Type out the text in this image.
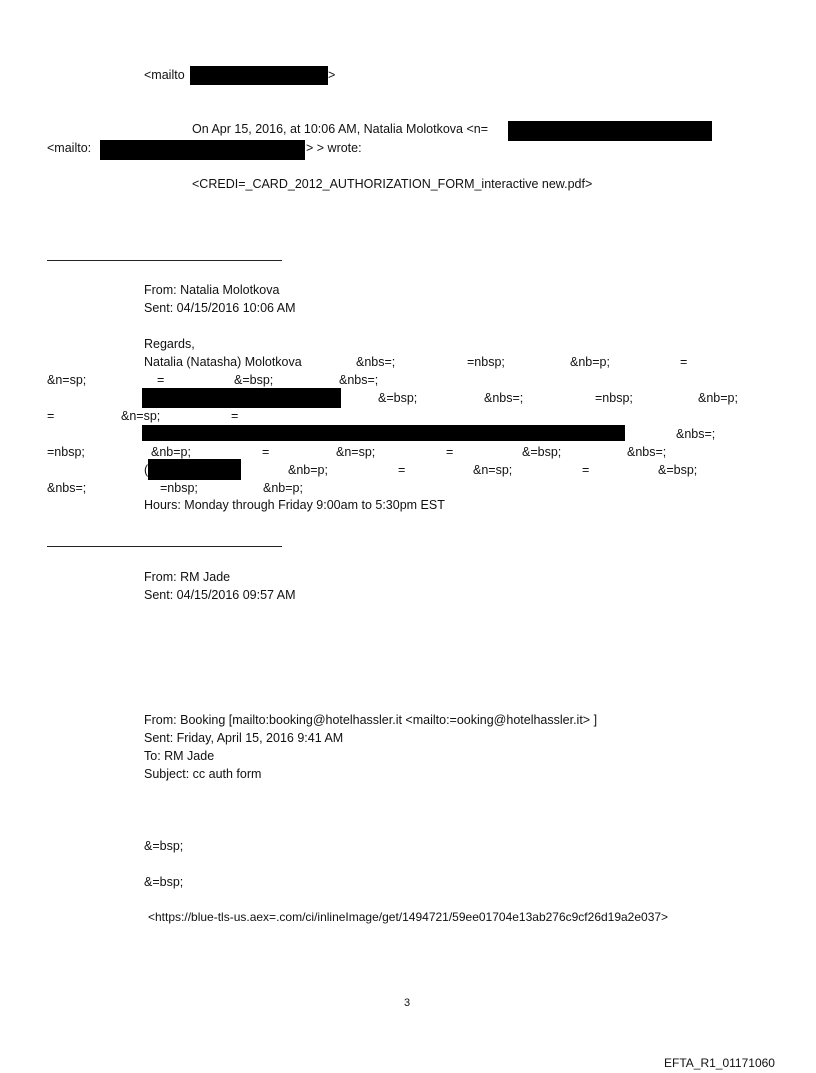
<mailto	>
On Apr 15, 2016, at 10:06 AM, Natalia Molotkova <n=
<mailto:	> > wrote:
<CREDI=_CARD_2012_AUTHORIZATION_FORM_interactive new.pdf>
From: Natalia Molotkova
Sent: 04/15/2016 10:06 AM
Regards,
Natalia (Natasha) Molotkova	&nbs=;	=nbsp;	&nb=p;	=
&n=sp;	=	&=bsp;	&nbs=;
&=bsp;	&nbs=;	=nbsp;	&nb=p;
=	&n=sp;	=
&nbs=;
=nbsp;	&nb=p;	=	&n=sp;	=	&=bsp;	&nbs=;
(	&nb=p;	=	&n=sp;	=	&=bsp;
&nbs=;	=nbsp;	&nb=p;
Hours: Monday through Friday 9:00am to 5:30pm EST
From: RM Jade
Sent: 04/15/2016 09:57 AM
From: Booking [mailto:booking@hotelhassler.it <mailto:=ooking@hotelhassler.it> ]
Sent: Friday, April 15, 2016 9:41 AM
To: RM Jade
Subject: cc auth form
&=bsp;
&=bsp;
<https://blue-tls-us.aex=.com/ci/inlineImage/get/1494721/59ee01704e13ab276c9cf26d19a2e037>
3
EFTA_R1_01171060
